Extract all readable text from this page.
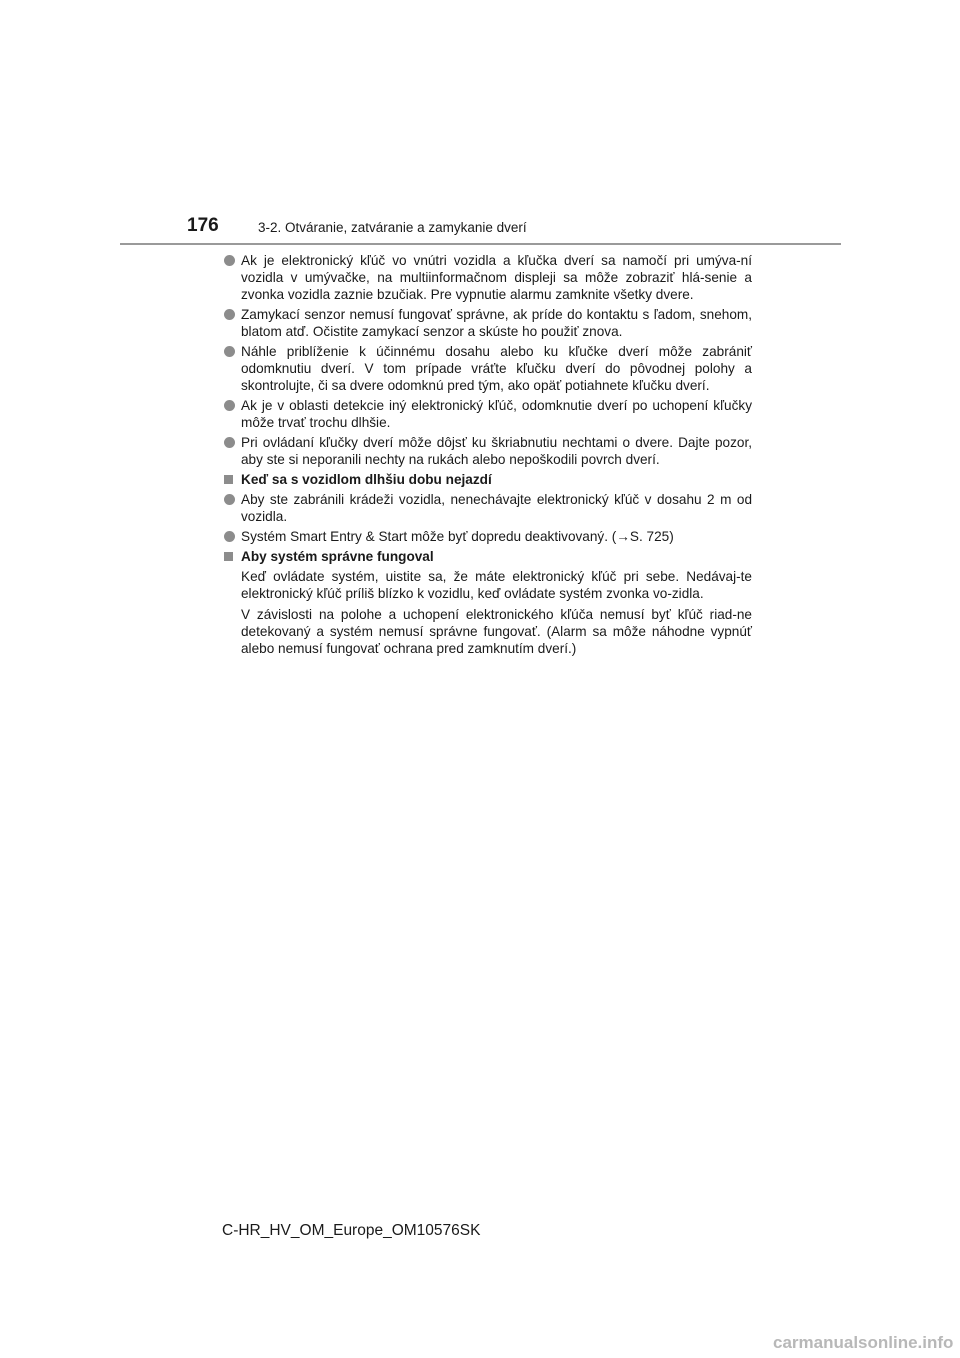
176	3-2. Otváranie, zatváranie a zamykanie dverí
Ak je elektronický kľúč vo vnútri vozidla a kľučka dverí sa namočí pri umýva-ní vozidla v umývačke, na multiinformačnom displeji sa môže zobraziť hlá-senie a zvonka vozidla zaznie bzučiak. Pre vypnutie alarmu zamknite všetky dvere.
Zamykací senzor nemusí fungovať správne, ak príde do kontaktu s ľadom, snehom, blatom atď. Očistite zamykací senzor a skúste ho použiť znova.
Náhle priblíženie k účinnému dosahu alebo ku kľučke dverí môže zabrániť odomknutiu dverí. V tom prípade vráťte kľučku dverí do pôvodnej polohy a skontrolujte, či sa dvere odomknú pred tým, ako opäť potiahnete kľučku dverí.
Ak je v oblasti detekcie iný elektronický kľúč, odomknutie dverí po uchopení kľučky môže trvať trochu dlhšie.
Pri ovládaní kľučky dverí môže dôjsť ku škriabnutiu nechtami o dvere. Dajte pozor, aby ste si neporanili nechty na rukách alebo nepoškodili povrch dverí.
Keď sa s vozidlom dlhšiu dobu nejazdí
Aby ste zabránili krádeži vozidla, nenechávajte elektronický kľúč v dosahu 2 m od vozidla.
Systém Smart Entry & Start môže byť dopredu deaktivovaný. (→S. 725)
Aby systém správne fungoval
Keď ovládate systém, uistite sa, že máte elektronický kľúč pri sebe. Nedávaj-te elektronický kľúč príliš blízko k vozidlu, keď ovládate systém zvonka vo-zidla.
V závislosti na polohe a uchopení elektronického kľúča nemusí byť kľúč riad-ne detekovaný a systém nemusí správne fungovať. (Alarm sa môže náhodne vypnúť alebo nemusí fungovať ochrana pred zamknutím dverí.)
C-HR_HV_OM_Europe_OM10576SK
carmanualsonline.info
